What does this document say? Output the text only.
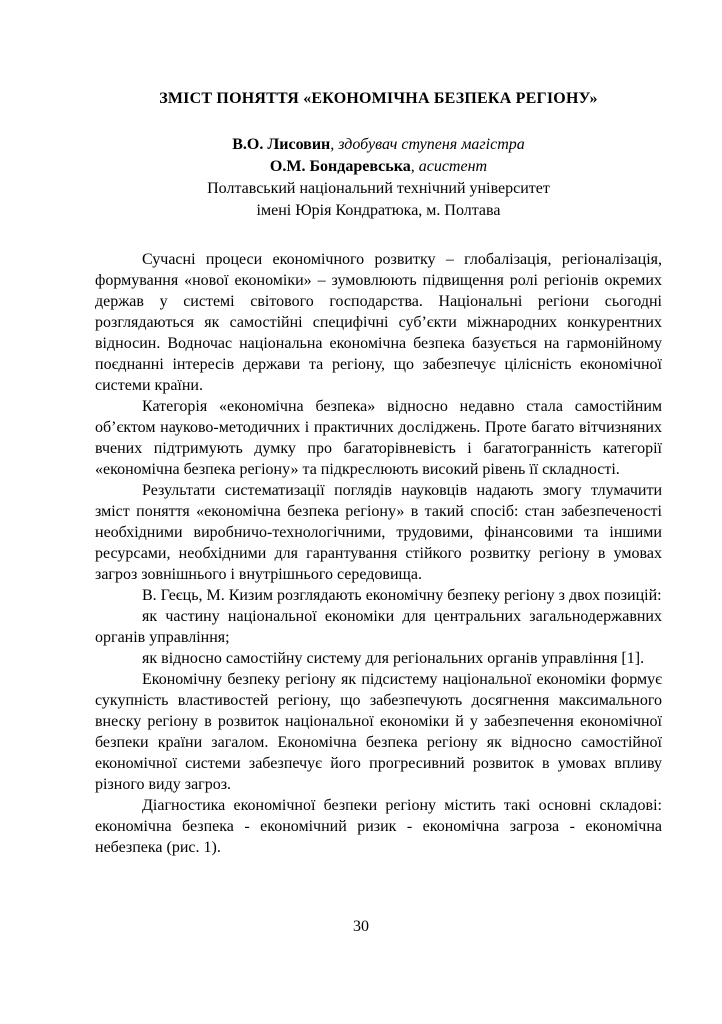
ЗМІСТ ПОНЯТТЯ «ЕКОНОМІЧНА БЕЗПЕКА РЕГІОНУ»

В.О. Лисовин, здобувач ступеня магістра

О.М. Бондаревська, асистент

Полтавський національний технічний університет

імені Юрія Кондратюка, м. Полтава

Сучасні процеси економічного розвитку – глобалізація, регіоналізація, формування «нової економіки» – зумовлюють підвищення ролі регіонів окремих держав у системі світового господарства. Національні регіони сьогодні розглядаються як самостійні специфічні суб’єкти міжнародних конкурентних відносин. Водночас національна економічна безпека базується на гармонійному поєднанні інтересів держави та регіону, що забезпечує цілісність економічної системи країни.

Категорія «економічна безпека» відносно недавно стала самостійним об’єктом науково-методичних і практичних досліджень. Проте багато вітчизняних вчених підтримують думку про багаторівневість і багатогранність категорії «економічна безпека регіону» та підкреслюють високий рівень її складності.

Результати систематизації поглядів науковців надають змогу тлумачити зміст поняття «економічна безпека регіону» в такий спосіб: стан забезпеченості необхідними виробничо-технологічними, трудовими, фінансовими та іншими ресурсами, необхідними для гарантування стійкого розвитку регіону в умовах загроз зовнішнього і внутрішнього середовища.

В. Геєць, М. Кизим розглядають економічну безпеку регіону з двох позицій:

як частину національної економіки для центральних загальнодержавних органів управління;

як відносно самостійну систему для регіональних органів управління [1].

Економічну безпеку регіону як підсистему національної економіки формує сукупність властивостей регіону, що забезпечують досягнення максимального внеску регіону в розвиток національної економіки й у забезпечення економічної безпеки країни загалом. Економічна безпека регіону як відносно самостійної економічної системи забезпечує його прогресивний розвиток в умовах впливу різного виду загроз.

Діагностика економічної безпеки регіону містить такі основні складові: економічна безпека - економічний ризик - економічна загроза - економічна небезпека (рис. 1).

30
